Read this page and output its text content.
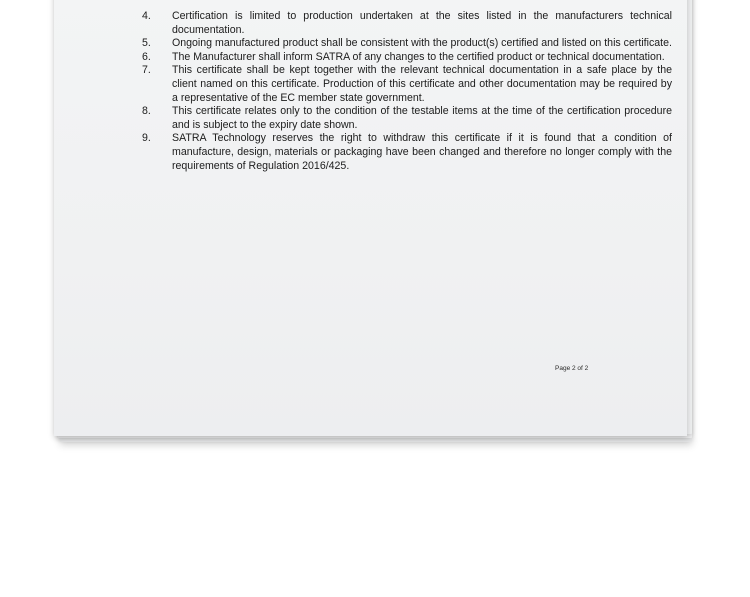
4. Certification is limited to production undertaken at the sites listed in the manufacturers technical documentation.
5. Ongoing manufactured product shall be consistent with the product(s) certified and listed on this certificate.
6. The Manufacturer shall inform SATRA of any changes to the certified product or technical documentation.
7. This certificate shall be kept together with the relevant technical documentation in a safe place by the client named on this certificate. Production of this certificate and other documentation may be required by a representative of the EC member state government.
8. This certificate relates only to the condition of the testable items at the time of the certification procedure and is subject to the expiry date shown.
9. SATRA Technology reserves the right to withdraw this certificate if it is found that a condition of manufacture, design, materials or packaging have been changed and therefore no longer comply with the requirements of Regulation 2016/425.
Page 2 of 2
